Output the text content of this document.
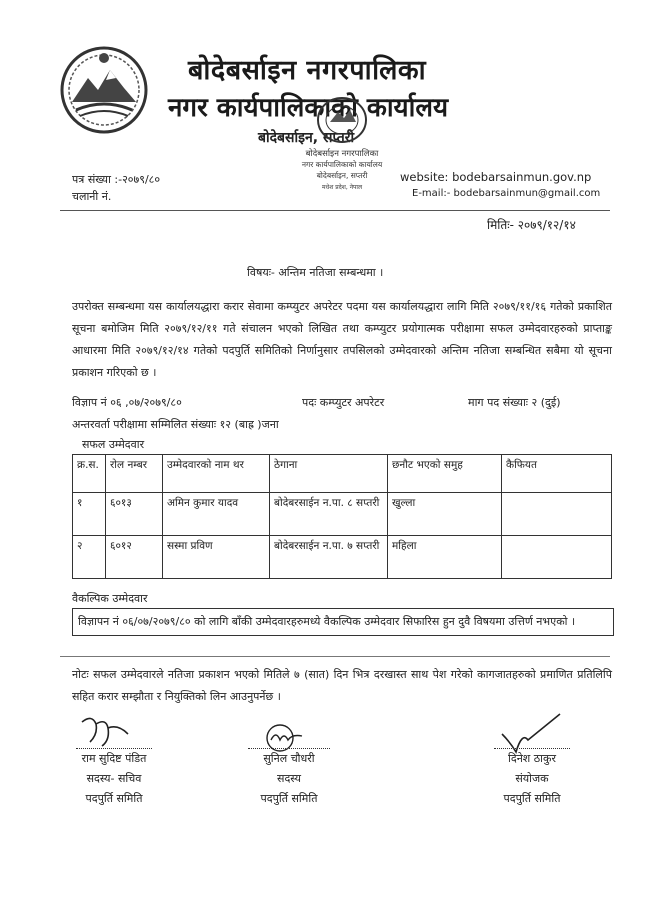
बोदेबर्साइन नगरपालिका
नगर कार्यपालिकाको कार्यालय
बोदेबर्साइन, सप्तरी
बोदेबर्साइन नगरपालिका
नगर कार्यपालिकाको कार्यालय
बोदेबर्साइन, सप्तरी
मधेश प्रदेश, नेपाल
पत्र संख्या :-२०७९/८०
चलानी नं.
website: bodebarsainmun.gov.np
E-mail:- bodebarsainmun@gmail.com
मितिः- २०७९/१२/१४
विषयः- अन्तिम नतिजा सम्बन्धमा ।
उपरोक्त सम्बन्धमा यस कार्यालयद्धारा करार सेवामा कम्प्युटर अपरेटर पदमा यस कार्यालयद्धारा लागि मिति २०७९/११/१६ गतेको प्रकाशित सूचना बमोजिम मिति २०७९/१२/११ गते संचालन भएको लिखित तथा कम्प्युटर प्रयोगात्मक परीक्षामा सफल उम्मेदवारहरुको प्राप्ताङ्क आधारमा मिति २०७९/१२/१४ गतेको पदपुर्ति समितिको निर्णानुसार तपसिलको उम्मेदवारको अन्तिम नतिजा सम्बन्धित सबैमा यो सूचना प्रकाशन गरिएको छ ।
विज्ञाप नं ०६ ,०७/२०७९/८०	पदः कम्प्युटर अपरेटर	माग पद संख्याः २ (दुई)
अन्तरवर्ता परीक्षामा सम्मिलित संख्याः १२ (बाह्र )जना
सफल उम्मेदवार
क्र.स.	रोल नम्बर	उम्मेदवारको नाम थर	ठेगाना	छनौट भएको समुह	कैफियत
१	६०१३	अमिन कुमार यादव	बोदेबरसाईन न.पा. ८ सप्तरी	खुल्ला	
२	६०१२	सस्मा प्रविण	बोदेबरसाईन न.पा. ७ सप्तरी	महिला	
वैकल्पिक उम्मेदवार
विज्ञापन नं ०६/०७/२०७९/८० को लागि बाँकी उम्मेदवारहरुमध्ये वैकल्पिक उम्मेदवार सिफारिस हुन दुवै विषयमा उत्तिर्ण नभएको ।
नोटः सफल उम्मेदवारले नतिजा प्रकाशन भएको मितिले ७ (सात) दिन भित्र दरखास्त साथ पेश गरेको कागजातहरुको प्रमाणित प्रतिलिपि सहित करार सम्झौता र नियुक्तिको लिन आउनुपर्नेछ ।
राम सुदिष्ट पंडित
सदस्य- सचिव
पदपुर्ति समिति
सुनिल चौधरी
सदस्य
पदपुर्ति समिति
दिनेश ठाकुर
संयोजक
पदपुर्ति समिति
